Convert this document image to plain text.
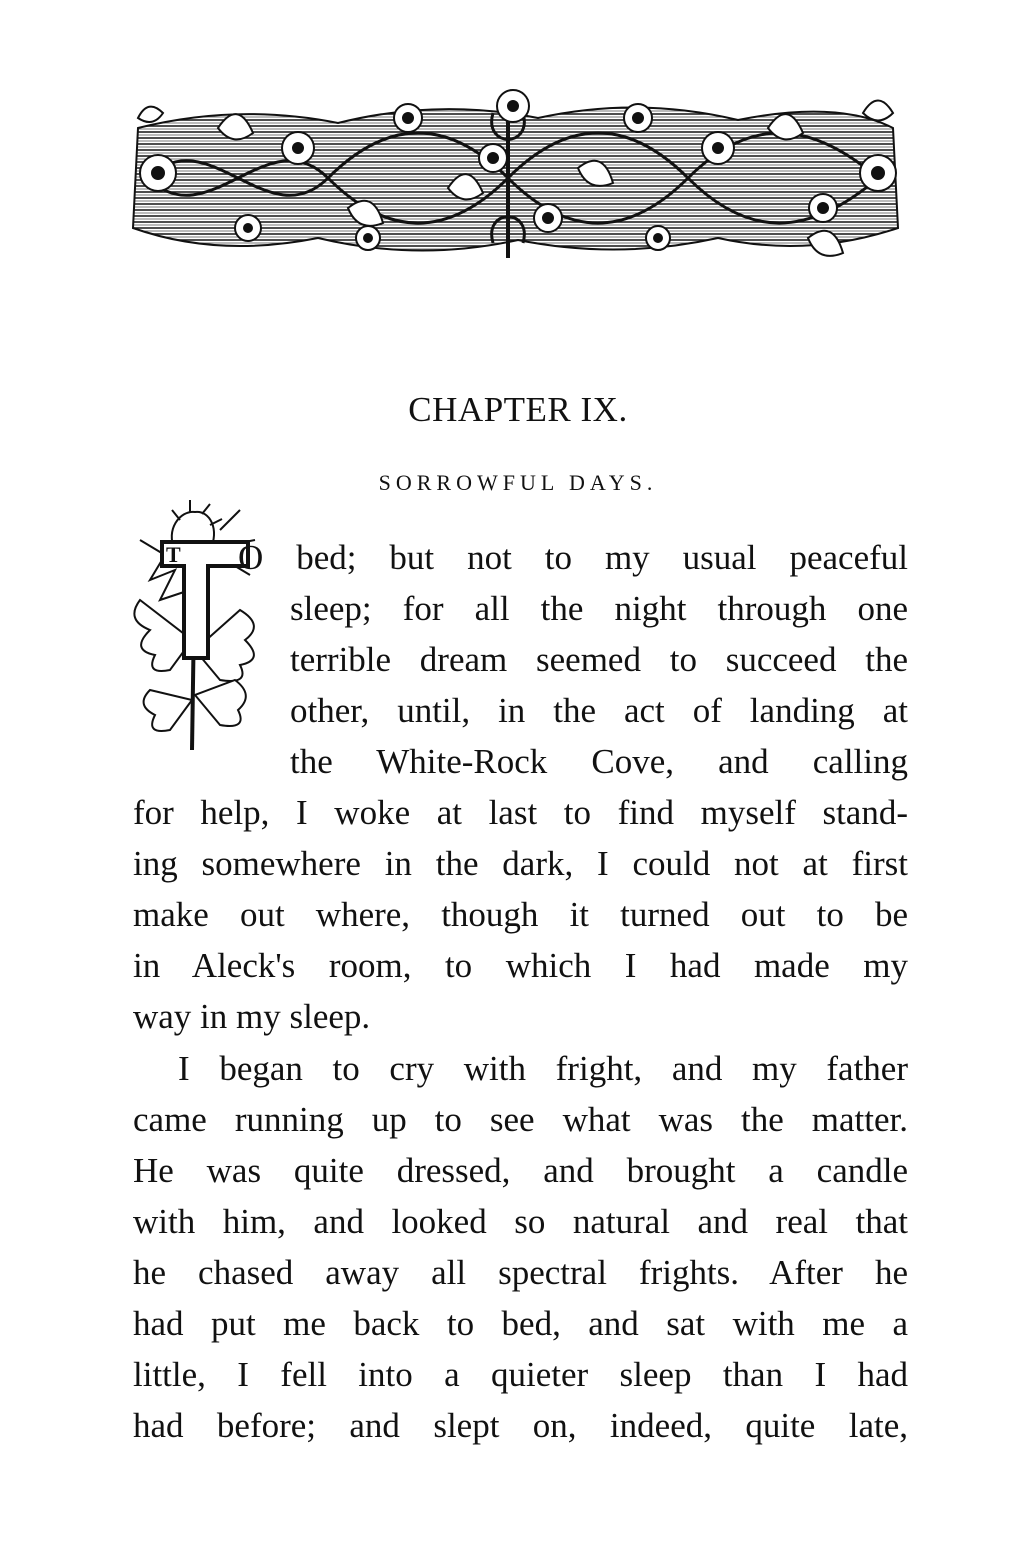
CHAPTER IX.
SORROWFUL DAYS.
T O bed; but not to my usual peaceful
sleep; for all the night through one
terrible dream seemed to succeed the
other, until, in the act of landing at
the White-Rock Cove, and calling
for help, I woke at last to find myself stand-
ing somewhere in the dark, I could not at first
make out where, though it turned out to be
in Aleck's room, to which I had made my
way in my sleep.
I began to cry with fright, and my father
came running up to see what was the matter.
He was quite dressed, and brought a candle
with him, and looked so natural and real that
he chased away all spectral frights. After he
had put me back to bed, and sat with me a
little, I fell into a quieter sleep than I had
had before; and slept on, indeed, quite late,
